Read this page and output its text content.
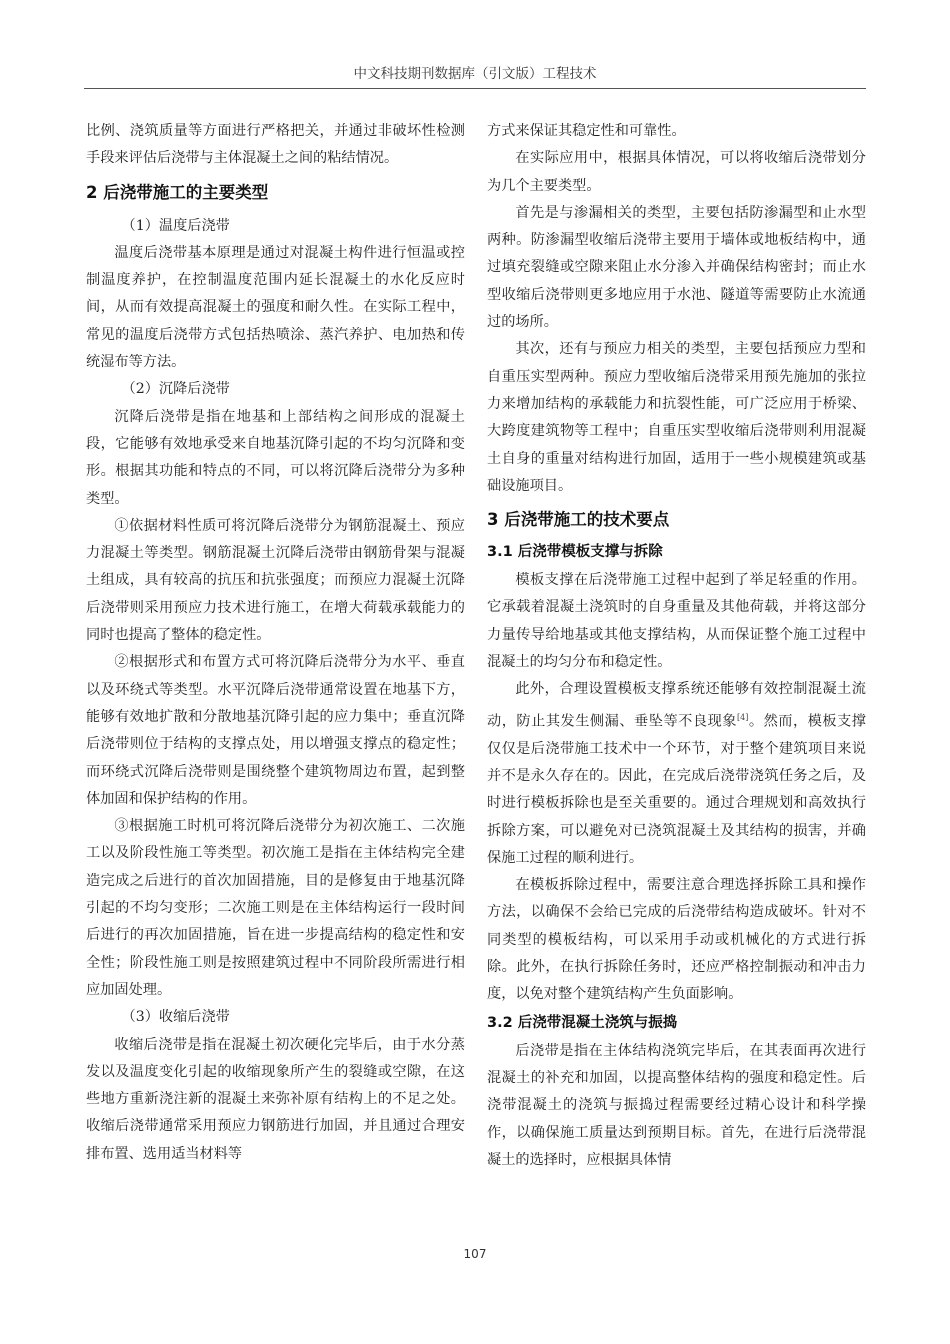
中文科技期刊数据库（引文版）工程技术

比例、浇筑质量等方面进行严格把关，并通过非破坏性检测手段来评估后浇带与主体混凝土之间的粘结情况。

2 后浇带施工的主要类型

（1）温度后浇带

温度后浇带基本原理是通过对混凝土构件进行恒温或控制温度养护，在控制温度范围内延长混凝土的水化反应时间，从而有效提高混凝土的强度和耐久性。在实际工程中，常见的温度后浇带方式包括热喷涂、蒸汽养护、电加热和传统湿布等方法。

（2）沉降后浇带

沉降后浇带是指在地基和上部结构之间形成的混凝土段，它能够有效地承受来自地基沉降引起的不均匀沉降和变形。根据其功能和特点的不同，可以将沉降后浇带分为多种类型。

①依据材料性质可将沉降后浇带分为钢筋混凝土、预应力混凝土等类型。钢筋混凝土沉降后浇带由钢筋骨架与混凝土组成，具有较高的抗压和抗张强度；而预应力混凝土沉降后浇带则采用预应力技术进行施工，在增大荷载承载能力的同时也提高了整体的稳定性。

②根据形式和布置方式可将沉降后浇带分为水平、垂直以及环绕式等类型。水平沉降后浇带通常设置在地基下方，能够有效地扩散和分散地基沉降引起的应力集中；垂直沉降后浇带则位于结构的支撑点处，用以增强支撑点的稳定性；而环绕式沉降后浇带则是围绕整个建筑物周边布置，起到整体加固和保护结构的作用。

③根据施工时机可将沉降后浇带分为初次施工、二次施工以及阶段性施工等类型。初次施工是指在主体结构完全建造完成之后进行的首次加固措施，目的是修复由于地基沉降引起的不均匀变形；二次施工则是在主体结构运行一段时间后进行的再次加固措施，旨在进一步提高结构的稳定性和安全性；阶段性施工则是按照建筑过程中不同阶段所需进行相应加固处理。

（3）收缩后浇带

收缩后浇带是指在混凝土初次硬化完毕后，由于水分蒸发以及温度变化引起的收缩现象所产生的裂缝或空隙，在这些地方重新浇注新的混凝土来弥补原有结构上的不足之处。收缩后浇带通常采用预应力钢筋进行加固，并且通过合理安排布置、选用适当材料等

方式来保证其稳定性和可靠性。

在实际应用中，根据具体情况，可以将收缩后浇带划分为几个主要类型。

首先是与渗漏相关的类型，主要包括防渗漏型和止水型两种。防渗漏型收缩后浇带主要用于墙体或地板结构中，通过填充裂缝或空隙来阻止水分渗入并确保结构密封；而止水型收缩后浇带则更多地应用于水池、隧道等需要防止水流通过的场所。

其次，还有与预应力相关的类型，主要包括预应力型和自重压实型两种。预应力型收缩后浇带采用预先施加的张拉力来增加结构的承载能力和抗裂性能，可广泛应用于桥梁、大跨度建筑物等工程中；自重压实型收缩后浇带则利用混凝土自身的重量对结构进行加固，适用于一些小规模建筑或基础设施项目。

3 后浇带施工的技术要点
3.1 后浇带模板支撑与拆除

模板支撑在后浇带施工过程中起到了举足轻重的作用。它承载着混凝土浇筑时的自身重量及其他荷载，并将这部分力量传导给地基或其他支撑结构，从而保证整个施工过程中混凝土的均匀分布和稳定性。

此外，合理设置模板支撑系统还能够有效控制混凝土流动，防止其发生侧漏、垂坠等不良现象[4]。然而，模板支撑仅仅是后浇带施工技术中一个环节，对于整个建筑项目来说并不是永久存在的。因此，在完成后浇带浇筑任务之后，及时进行模板拆除也是至关重要的。通过合理规划和高效执行拆除方案，可以避免对已浇筑混凝土及其结构的损害，并确保施工过程的顺利进行。

在模板拆除过程中，需要注意合理选择拆除工具和操作方法，以确保不会给已完成的后浇带结构造成破坏。针对不同类型的模板结构，可以采用手动或机械化的方式进行拆除。此外，在执行拆除任务时，还应严格控制振动和冲击力度，以免对整个建筑结构产生负面影响。

3.2 后浇带混凝土浇筑与振捣

后浇带是指在主体结构浇筑完毕后，在其表面再次进行混凝土的补充和加固，以提高整体结构的强度和稳定性。后浇带混凝土的浇筑与振捣过程需要经过精心设计和科学操作，以确保施工质量达到预期目标。首先，在进行后浇带混凝土的选择时，应根据具体情

107
